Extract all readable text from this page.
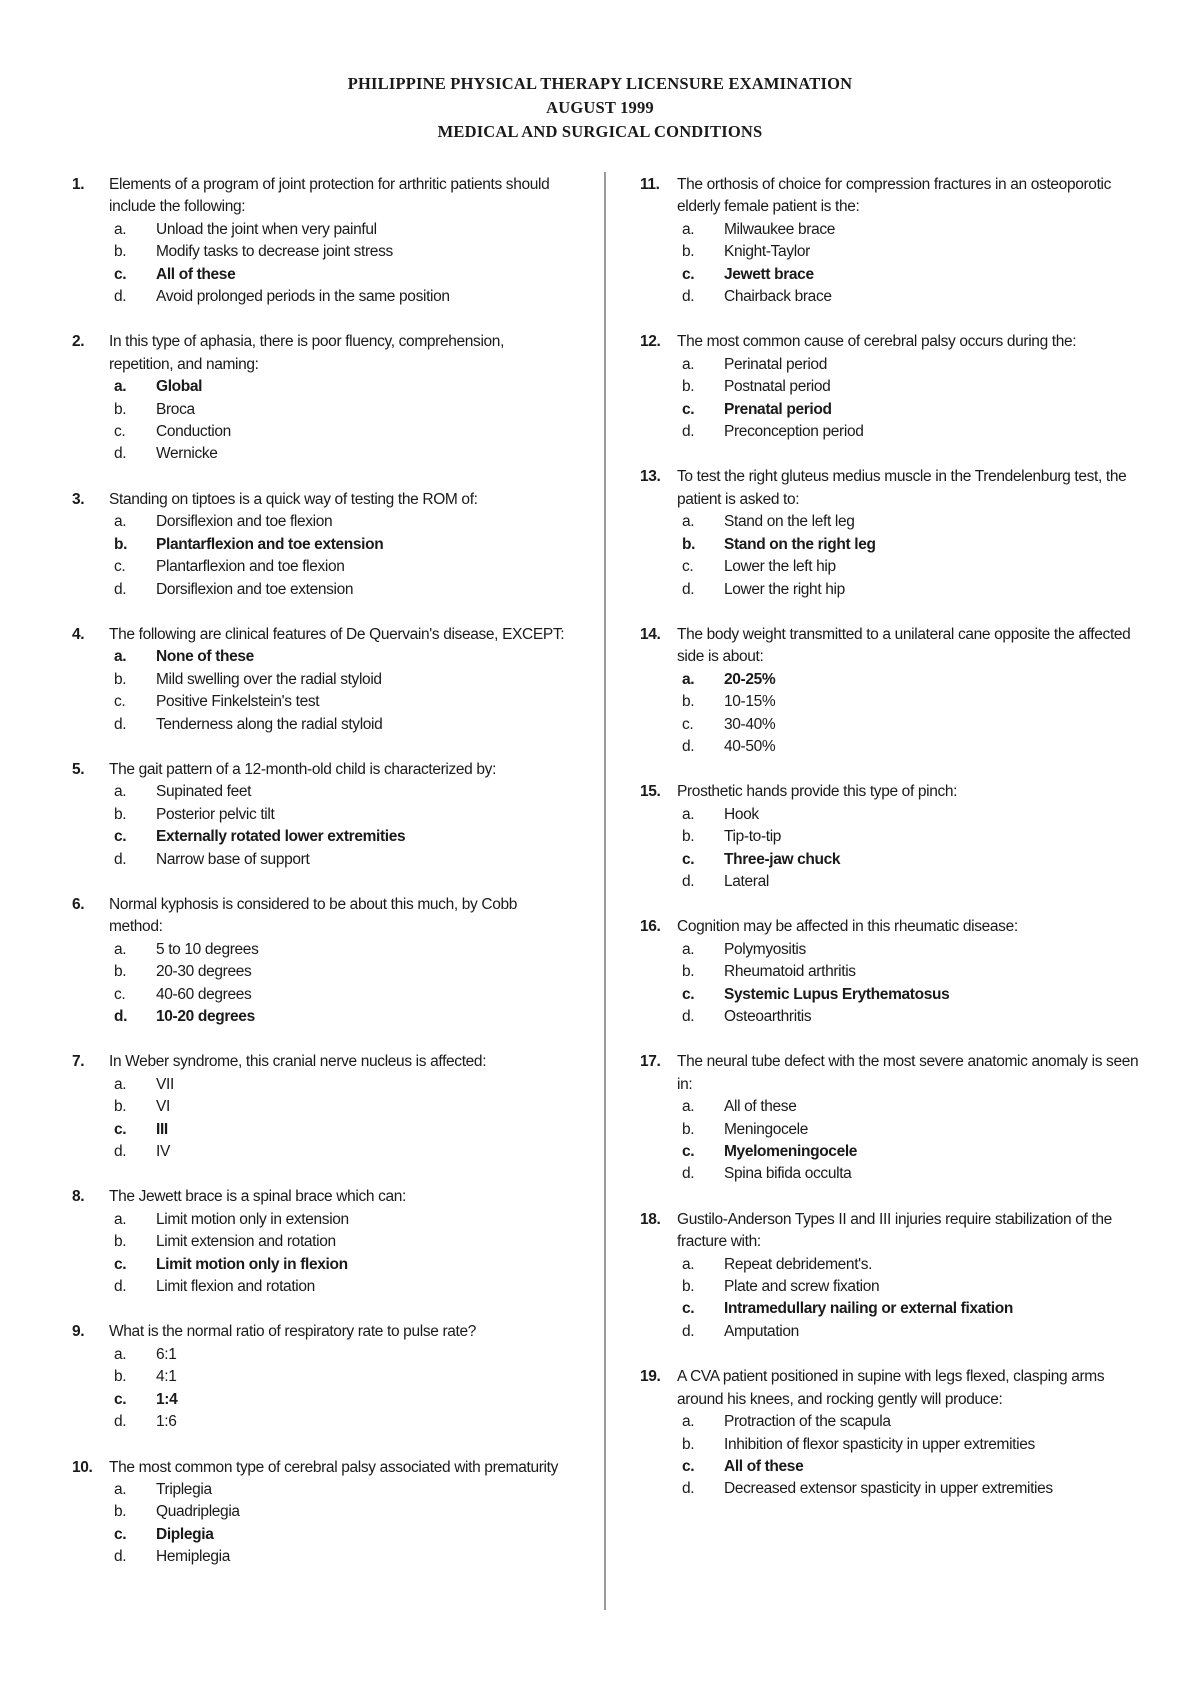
PHILIPPINE PHYSICAL THERAPY LICENSURE EXAMINATION
AUGUST 1999
MEDICAL AND SURGICAL CONDITIONS
1.	Elements of a program of joint protection for arthritic patients should include the following:
a.	Unload the joint when very painful
b.	Modify tasks to decrease joint stress
c.	All of these
d.	Avoid prolonged periods in the same position
2.	In this type of aphasia, there is poor fluency, comprehension, repetition, and naming:
a.	Global
b.	Broca
c.	Conduction
d.	Wernicke
3.	Standing on tiptoes is a quick way of testing the ROM of:
a.	Dorsiflexion and toe flexion
b.	Plantarflexion and toe extension
c.	Plantarflexion and toe flexion
d.	Dorsiflexion and toe extension
4.	The following are clinical features of De Quervain's disease, EXCEPT:
a.	None of these
b.	Mild swelling over the radial styloid
c.	Positive Finkelstein's test
d.	Tenderness along the radial styloid
5.	The gait pattern of a 12-month-old child is characterized by:
a.	Supinated feet
b.	Posterior pelvic tilt
c.	Externally rotated lower extremities
d.	Narrow base of support
6.	Normal kyphosis is considered to be about this much, by Cobb method:
a.	5 to 10 degrees
b.	20-30 degrees
c.	40-60 degrees
d.	10-20 degrees
7.	In Weber syndrome, this cranial nerve nucleus is affected:
a.	VII
b.	VI
c.	III
d.	IV
8.	The Jewett brace is a spinal brace which can:
a.	Limit motion only in extension
b.	Limit extension and rotation
c.	Limit motion only in flexion
d.	Limit flexion and rotation
9.	What is the normal ratio of respiratory rate to pulse rate?
a.	6:1
b.	4:1
c.	1:4
d.	1:6
10.	The most common type of cerebral palsy associated with prematurity
a.	Triplegia
b.	Quadriplegia
c.	Diplegia
d.	Hemiplegia
11.	The orthosis of choice for compression fractures in an osteoporotic elderly female patient is the:
a.	Milwaukee brace
b.	Knight-Taylor
c.	Jewett brace
d.	Chairback brace
12.	The most common cause of cerebral palsy occurs during the:
a.	Perinatal period
b.	Postnatal period
c.	Prenatal period
d.	Preconception period
13.	To test the right gluteus medius muscle in the Trendelenburg test, the patient is asked to:
a.	Stand on the left leg
b.	Stand on the right leg
c.	Lower the left hip
d.	Lower the right hip
14.	The body weight transmitted to a unilateral cane opposite the affected side is about:
a.	20-25%
b.	10-15%
c.	30-40%
d.	40-50%
15.	Prosthetic hands provide this type of pinch:
a.	Hook
b.	Tip-to-tip
c.	Three-jaw chuck
d.	Lateral
16.	Cognition may be affected in this rheumatic disease:
a.	Polymyositis
b.	Rheumatoid arthritis
c.	Systemic Lupus Erythematosus
d.	Osteoarthritis
17.	The neural tube defect with the most severe anatomic anomaly is seen in:
a.	All of these
b.	Meningocele
c.	Myelomeningocele
d.	Spina bifida occulta
18.	Gustilo-Anderson Types II and III injuries require stabilization of the fracture with:
a.	Repeat debridement's.
b.	Plate and screw fixation
c.	Intramedullary nailing or external fixation
d.	Amputation
19.	A CVA patient positioned in supine with legs flexed, clasping arms around his knees, and rocking gently will produce:
a.	Protraction of the scapula
b.	Inhibition of flexor spasticity in upper extremities
c.	All of these
d.	Decreased extensor spasticity in upper extremities
